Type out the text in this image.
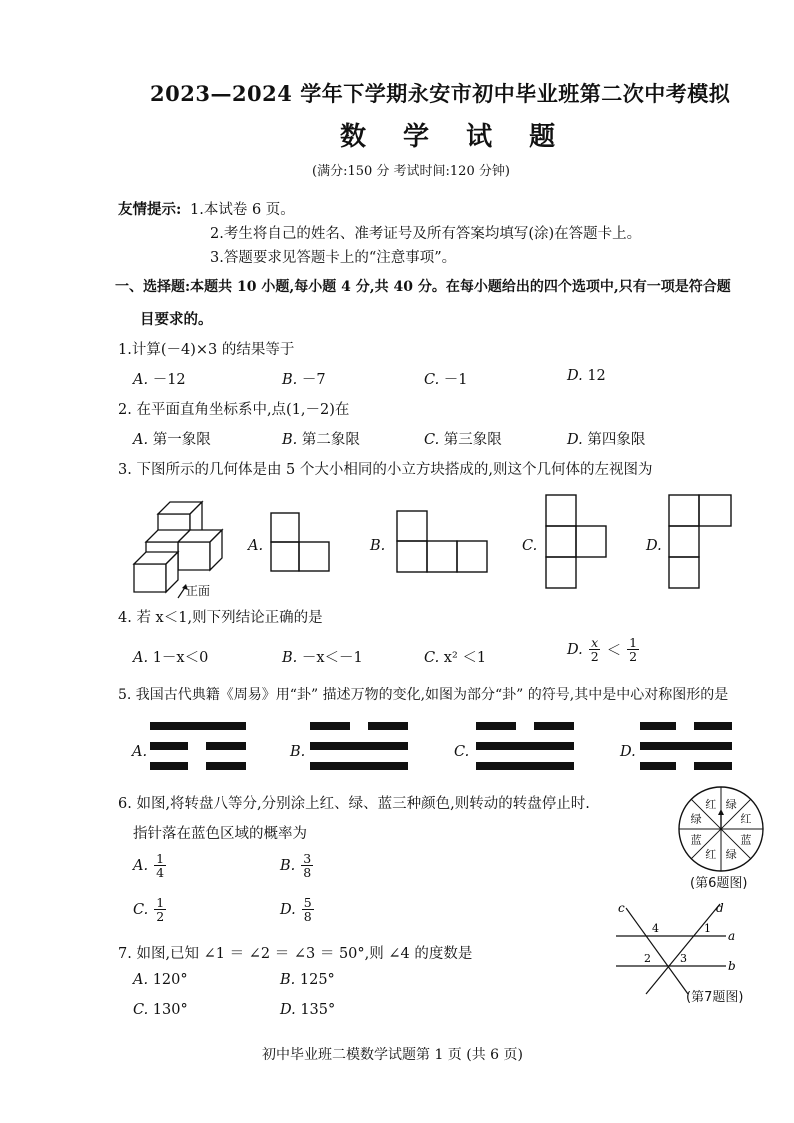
2023—2024 学年下学期永安市初中毕业班第二次中考模拟
数 学 试 题
(满分:150 分 考试时间:120 分钟)
友情提示: 1.本试卷 6 页。
2.考生将自己的姓名、准考证号及所有答案均填写(涂)在答题卡上。
3.答题要求见答题卡上的“注意事项”。
一、选择题:本题共 10 小题,每小题 4 分,共 40 分。在每小题给出的四个选项中,只有一项是符合题
目要求的。
1.计算(－4)×3 的结果等于
A. －12	B. －7	C. －1	D. 12
2. 在平面直角坐标系中,点(1,－2)在
A. 第一象限	B. 第二象限	C. 第三象限	D. 第四象限
3. 下图所示的几何体是由 5 个大小相同的小立方块搭成的,则这个几何体的左视图为
正面
A.	B.	C.	D.
4. 若 x＜1,则下列结论正确的是
A. 1－x＜0	B. －x＜－1	C. x² ＜1
D. $\frac{x}{2} < \frac{1}{2}$
5. 我国古代典籍《周易》用“卦” 描述万物的变化,如图为部分“卦” 的符号,其中是中心对称图形的是
A.	B.	C.	D.
6. 如图,将转盘八等分,分别涂上红、绿、蓝三种颜色,则转动的转盘停止时.
指针落在蓝色区域的概率为
A. $\frac{1}{4}$	B. $\frac{3}{8}$
C. $\frac{1}{2}$	D. $\frac{5}{8}$
红 绿
红
蓝
绿
红
蓝
绿
(第6题图)
7. 如图,已知 ∠1 ＝ ∠2 ＝ ∠3 ＝ 50°,则 ∠4 的度数是
A. 120°	B. 125°
C. 130°	D. 135°
c	d
a
b
1
2	3
4
(第7题图)
初中毕业班二模数学试题第 1 页 (共 6 页)
